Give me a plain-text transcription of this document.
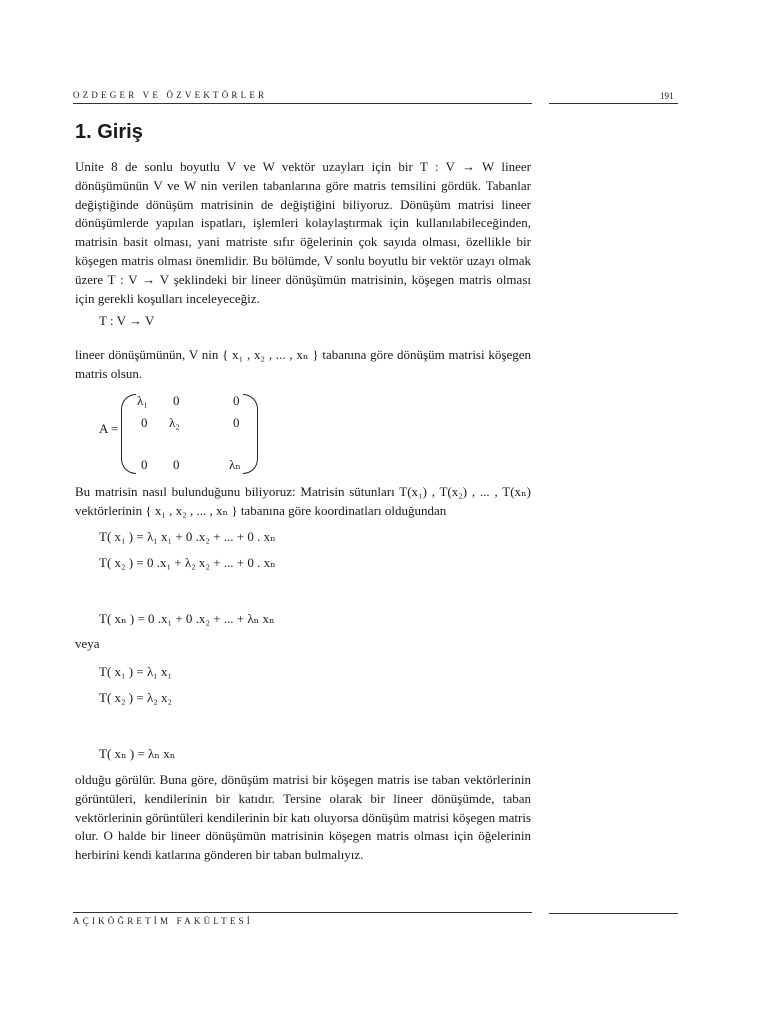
OZDEGER VE ÖZVEKTÖRLER	191
1. Giriş

Unite 8 de sonlu boyutlu V ve W vektör uzayları için bir T : V → W lineer dönüşümünün V ve W nin verilen tabanlarına göre matris temsilini gördük. Tabanlar değiştiğinde dönüşüm matrisinin de değiştiğini biliyoruz. Dönüşüm matrisi lineer dönüşümlerde yapılan ispatları, işlemleri kolaylaştırmak için kullanılabileceğinden, matrisin basit olması, yani matriste sıfır öğelerinin çok sayıda olması, özellikle bir köşegen matris olması önemlidir. Bu bölümde, V sonlu boyutlu bir vektör uzayı olmak üzere T : V → V şeklindeki bir lineer dönüşümün matrisinin, köşegen matris olması için gerekli koşulları inceleyeceğiz.

T : V → V

lineer dönüşümünün, V nin { x₁ , x₂ , ... , xₙ } tabanına göre dönüşüm matrisi köşegen matris olsun.

A =
λ₁ 0	0
0 λ₂	0
0 0	λₙ

Bu matrisin nasıl bulunduğunu biliyoruz: Matrisin sütunları T(x₁) , T(x₂) , ... , T(xₙ) vektörlerinin { x₁ , x₂ , ... , xₙ } tabanına göre koordinatları olduğundan

T( x₁ ) = λ₁ x₁ + 0 .x₂ + ... + 0 . xₙ
T( x₂ ) = 0 .x₁ + λ₂ x₂ + ... + 0 . xₙ
T( xₙ ) = 0 .x₁ + 0 .x₂ + ... + λₙ xₙ
veya
T( x₁ ) = λ₁ x₁
T( x₂ ) = λ₂ x₂
T( xₙ ) = λₙ xₙ

olduğu görülür. Buna göre, dönüşüm matrisi bir köşegen matris ise taban vektörlerinin görüntüleri, kendilerinin bir katıdır. Tersine olarak bir lineer dönüşümde, taban vektörlerinin görüntüleri kendilerinin bir katı oluyorsa dönüşüm matrisi köşegen matris olur. O halde bir lineer dönüşümün matrisinin köşegen matris olması için öğelerinin herbirini kendi katlarına gönderen bir taban bulmalıyız.

AÇIKÖĞRETİM FAKÜLTESİ
